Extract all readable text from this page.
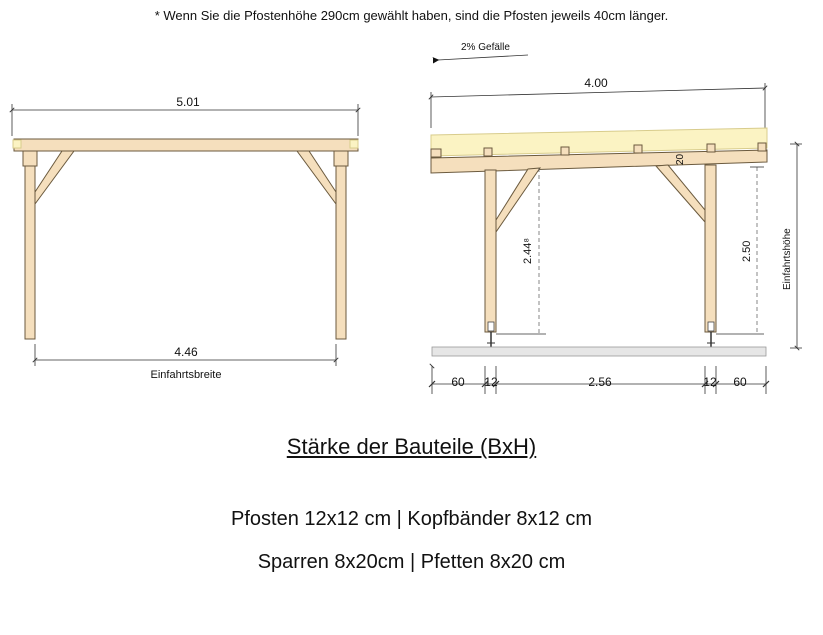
* Wenn Sie die Pfostenhöhe 290cm gewählt haben, sind die Pfosten jeweils 40cm länger.
5.01
4.46
Einfahrtsbreite
2% Gefälle
4.00
20
2.44⁸	2.50	Einfahrtshöhe
60 12	2.56	12 60
Stärke der Bauteile (BxH)
Pfosten 12x12 cm | Kopfbänder 8x12 cm
Sparren 8x20cm | Pfetten 8x20 cm
